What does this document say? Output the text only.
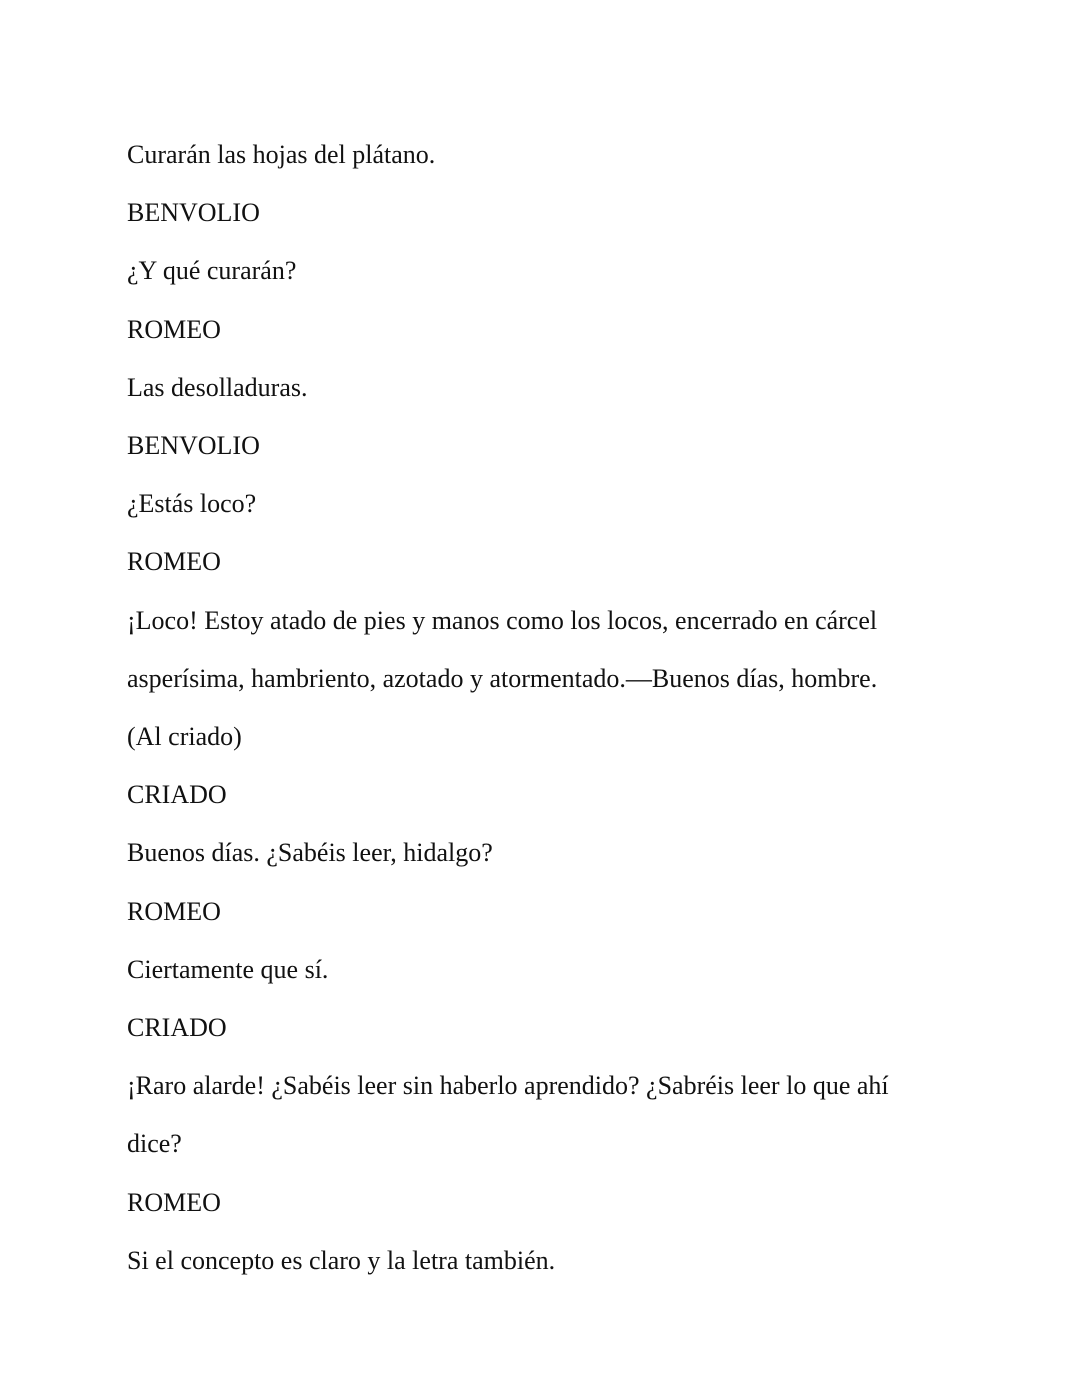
Curarán las hojas del plátano.

BENVOLIO

¿Y qué curarán?

ROMEO

Las desolladuras.

BENVOLIO

¿Estás loco?

ROMEO

¡Loco! Estoy atado de pies y manos como los locos, encerrado en cárcel

asperísima, hambriento, azotado y atormentado.—Buenos días, hombre.

(Al criado)

CRIADO

Buenos días. ¿Sabéis leer, hidalgo?

ROMEO

Ciertamente que sí.

CRIADO

¡Raro alarde! ¿Sabéis leer sin haberlo aprendido? ¿Sabréis leer lo que ahí

dice?

ROMEO

Si el concepto es claro y la letra también.
